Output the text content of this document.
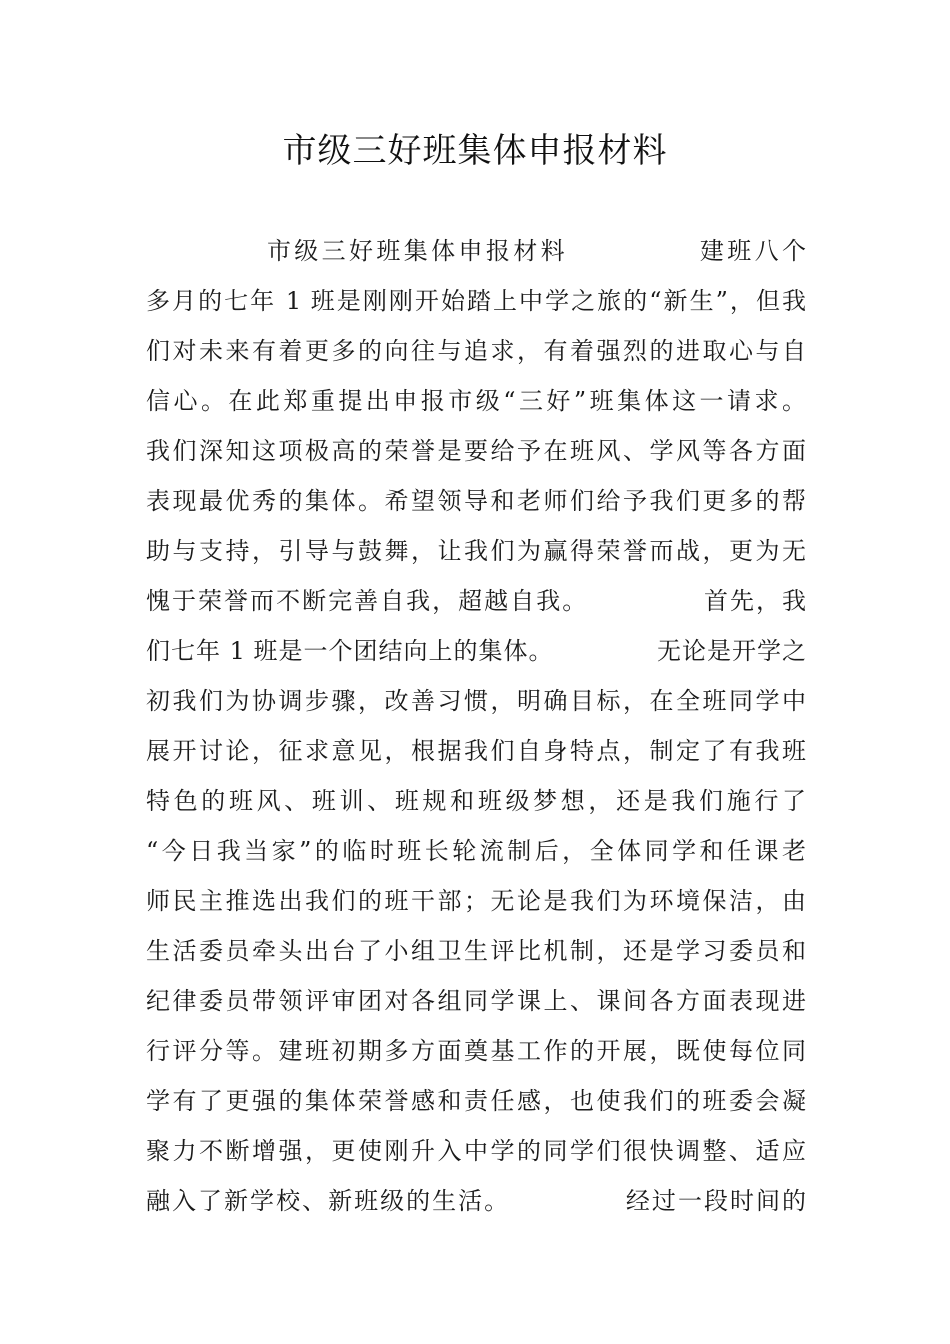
市级三好班集体申报材料
市级三好班集体申报材料            建班八个
多月的七年 1 班是刚刚开始踏上中学之旅的“新生”，但我
们对未来有着更多的向往与追求，有着强烈的进取心与自
信心。在此郑重提出申报市级“三好”班集体这一请求。
我们深知这项极高的荣誉是要给予在班风、学风等各方面
表现最优秀的集体。希望领导和老师们给予我们更多的帮
助与支持，引导与鼓舞，让我们为赢得荣誉而战，更为无
愧于荣誉而不断完善自我，超越自我。            首先，我
们七年 1 班是一个团结向上的集体。            无论是开学之
初我们为协调步骤，改善习惯，明确目标，在全班同学中
展开讨论，征求意见，根据我们自身特点，制定了有我班
特色的班风、班训、班规和班级梦想，还是我们施行了
“今日我当家”的临时班长轮流制后，全体同学和任课老
师民主推选出我们的班干部；无论是我们为环境保洁，由
生活委员牵头出台了小组卫生评比机制，还是学习委员和
纪律委员带领评审团对各组同学课上、课间各方面表现进
行评分等。建班初期多方面奠基工作的开展，既使每位同
学有了更强的集体荣誉感和责任感，也使我们的班委会凝
聚力不断增强，更使刚升入中学的同学们很快调整、适应
融入了新学校、新班级的生活。            经过一段时间的
